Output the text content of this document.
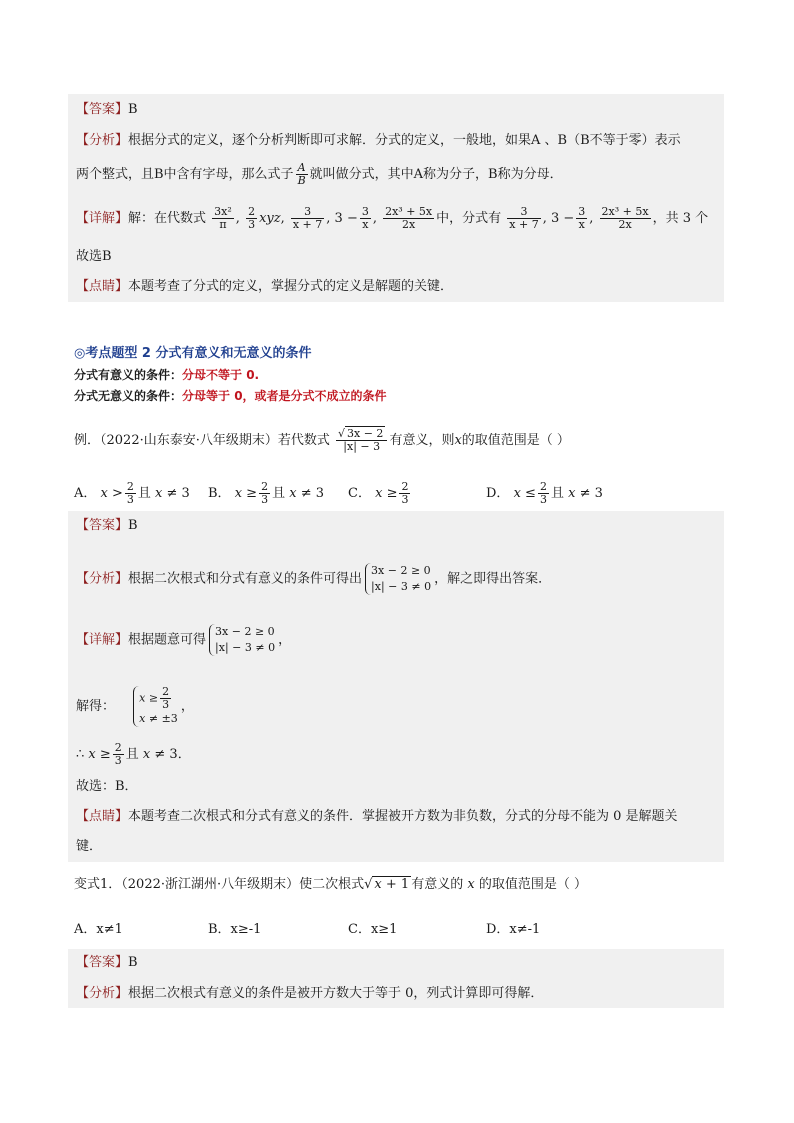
【答案】B
【分析】根据分式的定义，逐个分析判断即可求解．分式的定义，一般地，如果A 、B（B不等于零）表示
两个整式，且B中含有字母，那么式子 $\frac{A}{B}$ 就叫做分式，其中A称为分子，B称为分母．
【详解】解：在代数式 $\frac{\text{3x²}}{\pi}$ , $\frac{2}{3}$ xyz, $\frac{3}{x + 7}$ , $3 - \frac{3}{x}$ , $\frac{\text{2x³ + 5x}}{2x}$ 中，分式有 $\frac{3}{x + 7}$ , $3 - \frac{3}{x}$ , $\frac{\text{2x³ + 5x}}{2x}$ ，共 3 个
故选B
【点睛】本题考查了分式的定义，掌握分式的定义是解题的关键．
◎考点题型 2 分式有意义和无意义的条件
分式有意义的条件：分母不等于 0.
分式无意义的条件：分母等于 0，或者是分式不成立的条件
例．（2022·山东泰安·八年级期末）若代数式 $\frac{√ 3x - 2}{|x| - 3}$ 有意义，则x的取值范围是（ ）
A． $x > \frac{2}{3}$ 且 x ≠ 3 B． $x \ge \frac{2}{3}$ 且 x ≠ 3 C． $x \ge \frac{2}{3}$	D． $x \le \frac{2}{3}$ 且 x ≠ 3
【答案】B
【分析】根据二次根式和分式有意义的条件可得出3x − 2 ≥ 0
|x| − 3 ≠ 0 ，解之即得出答案．
【详解】根据题意可得3x − 2 ≥ 0
|x| − 3 ≠ 0 ，
解得： $x \ge \frac{2}{3}$

x ≠ ±3，
∴ $x \ge \frac{2}{3}$ 且 x ≠ 3．
故选：B．
【点睛】本题考查二次根式和分式有意义的条件．掌握被开方数为非负数，分式的分母不能为 0 是解题关
键．
变式1．（2022·浙江湖州·八年级期末）使二次根式√ x + 1 有意义的 x 的取值范围是（ ）
A．x≠1	B．x≥-1	C．x≥1	D．x≠-1
【答案】B
【分析】根据二次根式有意义的条件是被开方数大于等于 0，列式计算即可得解．
